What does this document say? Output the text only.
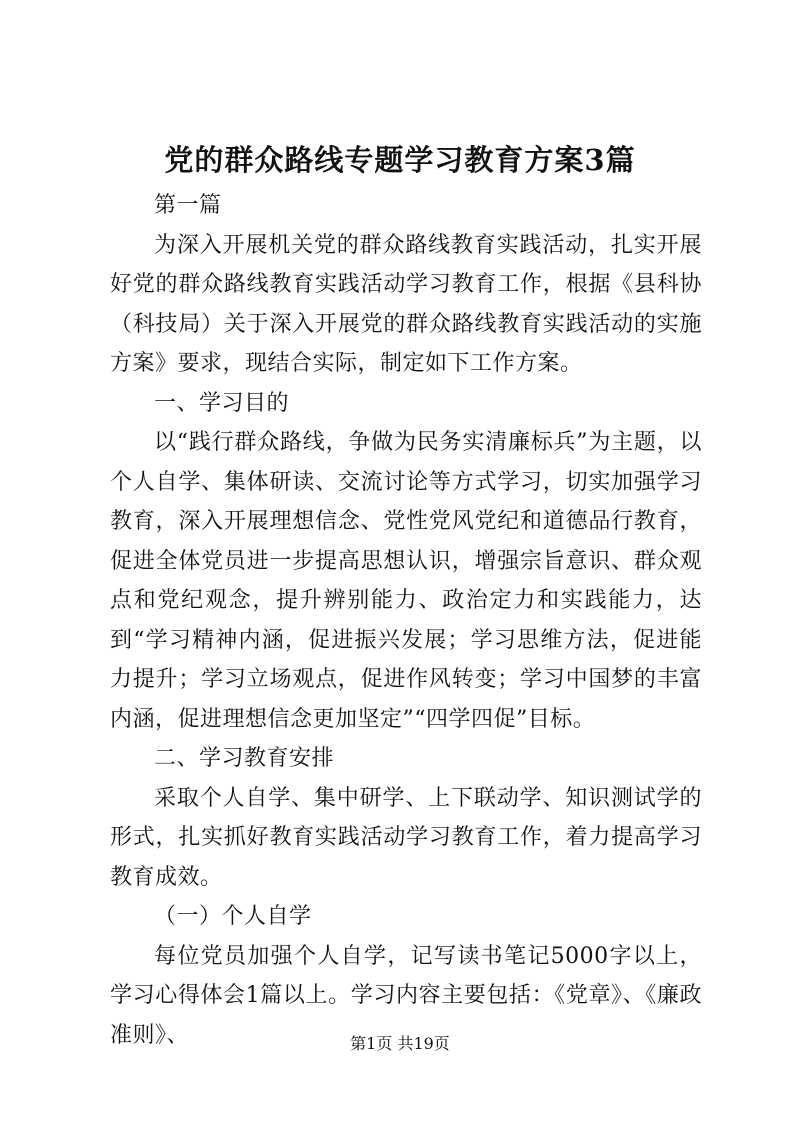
党的群众路线专题学习教育方案3篇

第一篇

为深入开展机关党的群众路线教育实践活动，扎实开展好党的群众路线教育实践活动学习教育工作，根据《县科协（科技局）关于深入开展党的群众路线教育实践活动的实施方案》要求，现结合实际，制定如下工作方案。

一、学习目的

以“践行群众路线，争做为民务实清廉标兵”为主题，以个人自学、集体研读、交流讨论等方式学习，切实加强学习教育，深入开展理想信念、党性党风党纪和道德品行教育，促进全体党员进一步提高思想认识，增强宗旨意识、群众观点和党纪观念，提升辨别能力、政治定力和实践能力，达到“学习精神内涵，促进振兴发展；学习思维方法，促进能力提升；学习立场观点，促进作风转变；学习中国梦的丰富内涵，促进理想信念更加坚定”“四学四促”目标。

二、学习教育安排

采取个人自学、集中研学、上下联动学、知识测试学的形式，扎实抓好教育实践活动学习教育工作，着力提高学习教育成效。

（一）个人自学

每位党员加强个人自学，记写读书笔记5000字以上，学习心得体会1篇以上。学习内容主要包括：《党章》、《廉政准则》、	第1页 共19页
